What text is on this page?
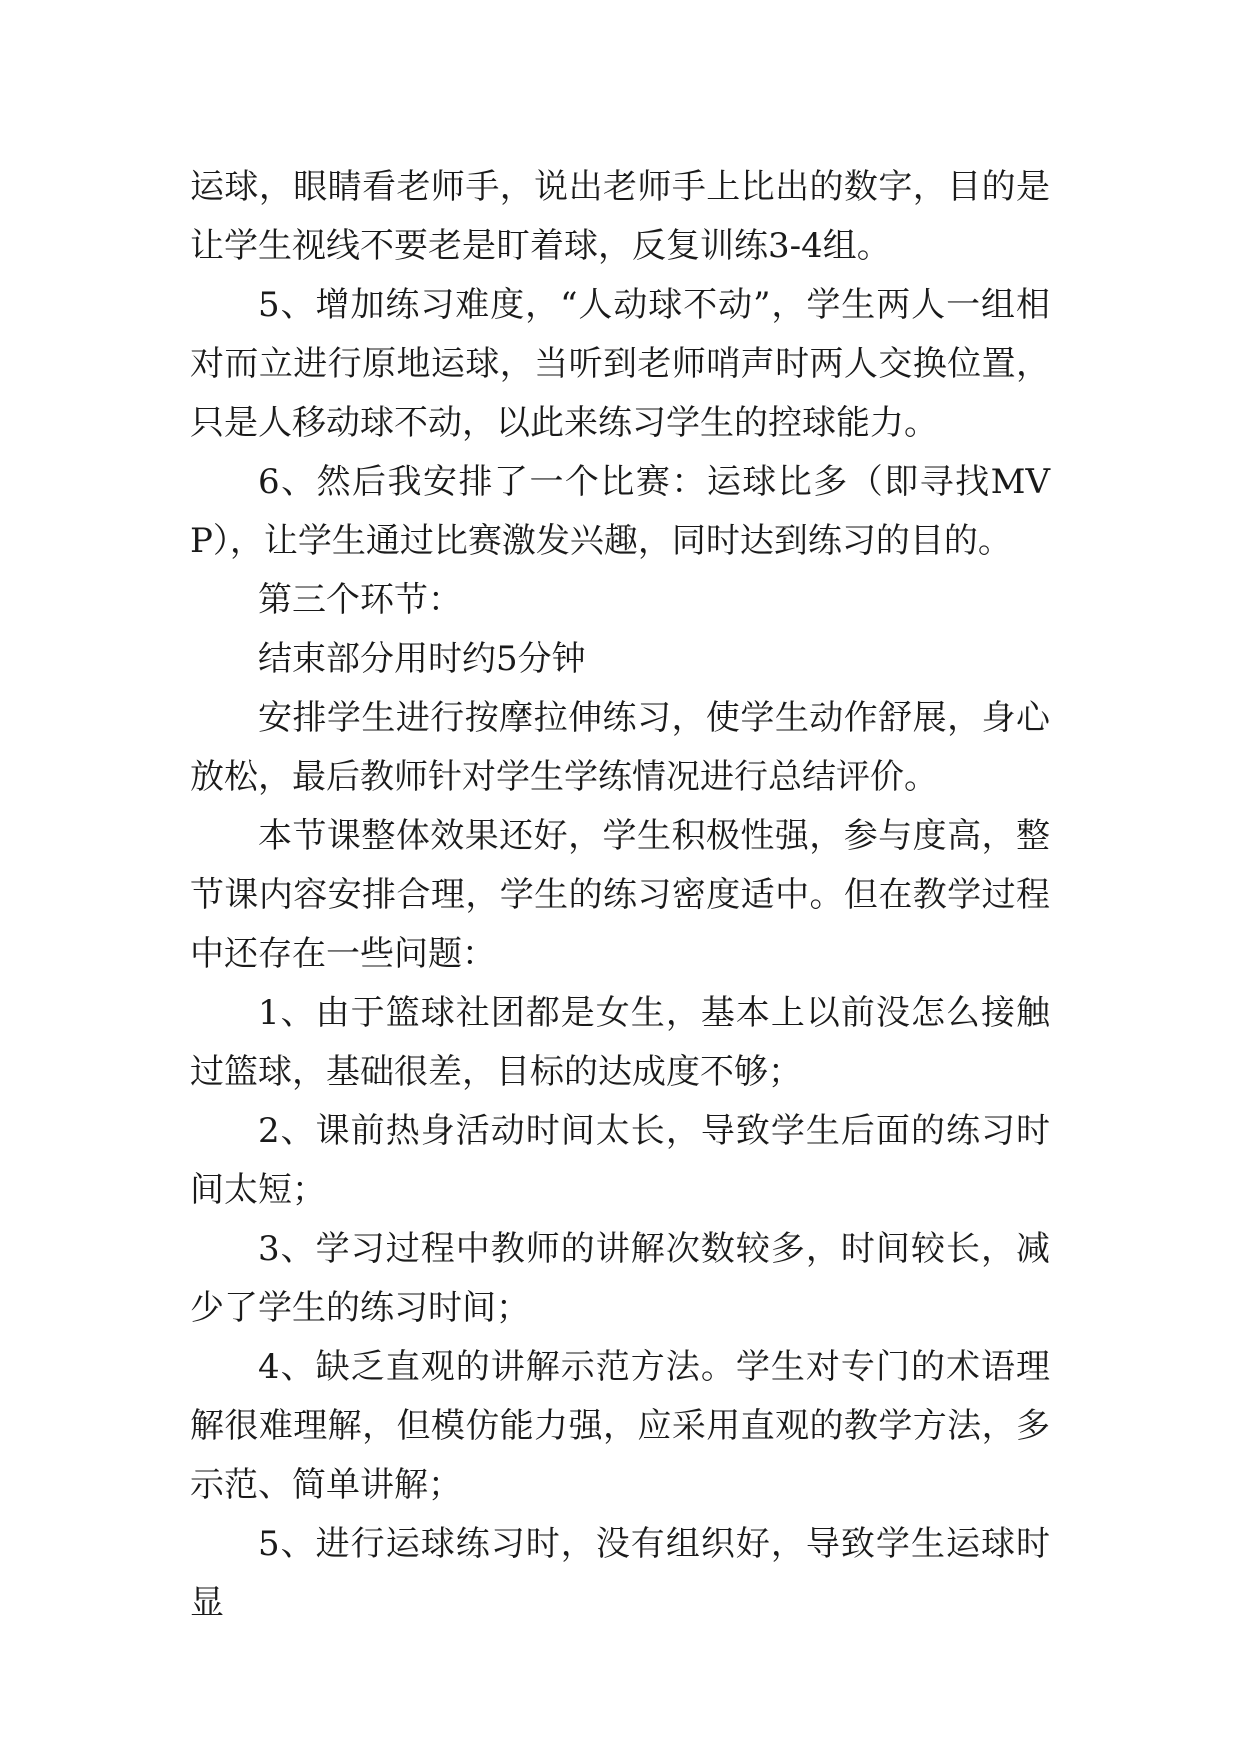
运球，眼睛看老师手，说出老师手上比出的数字，目的是让学生视线不要老是盯着球，反复训练3-4组。

5、增加练习难度，“人动球不动”，学生两人一组相对而立进行原地运球，当听到老师哨声时两人交换位置，只是人移动球不动，以此来练习学生的控球能力。

6、然后我安排了一个比赛：运球比多（即寻找MVP），让学生通过比赛激发兴趣，同时达到练习的目的。

第三个环节：

结束部分用时约5分钟

安排学生进行按摩拉伸练习，使学生动作舒展，身心放松，最后教师针对学生学练情况进行总结评价。

本节课整体效果还好，学生积极性强，参与度高，整节课内容安排合理，学生的练习密度适中。但在教学过程中还存在一些问题：

1、由于篮球社团都是女生，基本上以前没怎么接触过篮球，基础很差，目标的达成度不够；

2、课前热身活动时间太长，导致学生后面的练习时间太短；

3、学习过程中教师的讲解次数较多，时间较长，减少了学生的练习时间；

4、缺乏直观的讲解示范方法。学生对专门的术语理解很难理解，但模仿能力强，应采用直观的教学方法，多示范、简单讲解；

5、进行运球练习时，没有组织好，导致学生运球时显
